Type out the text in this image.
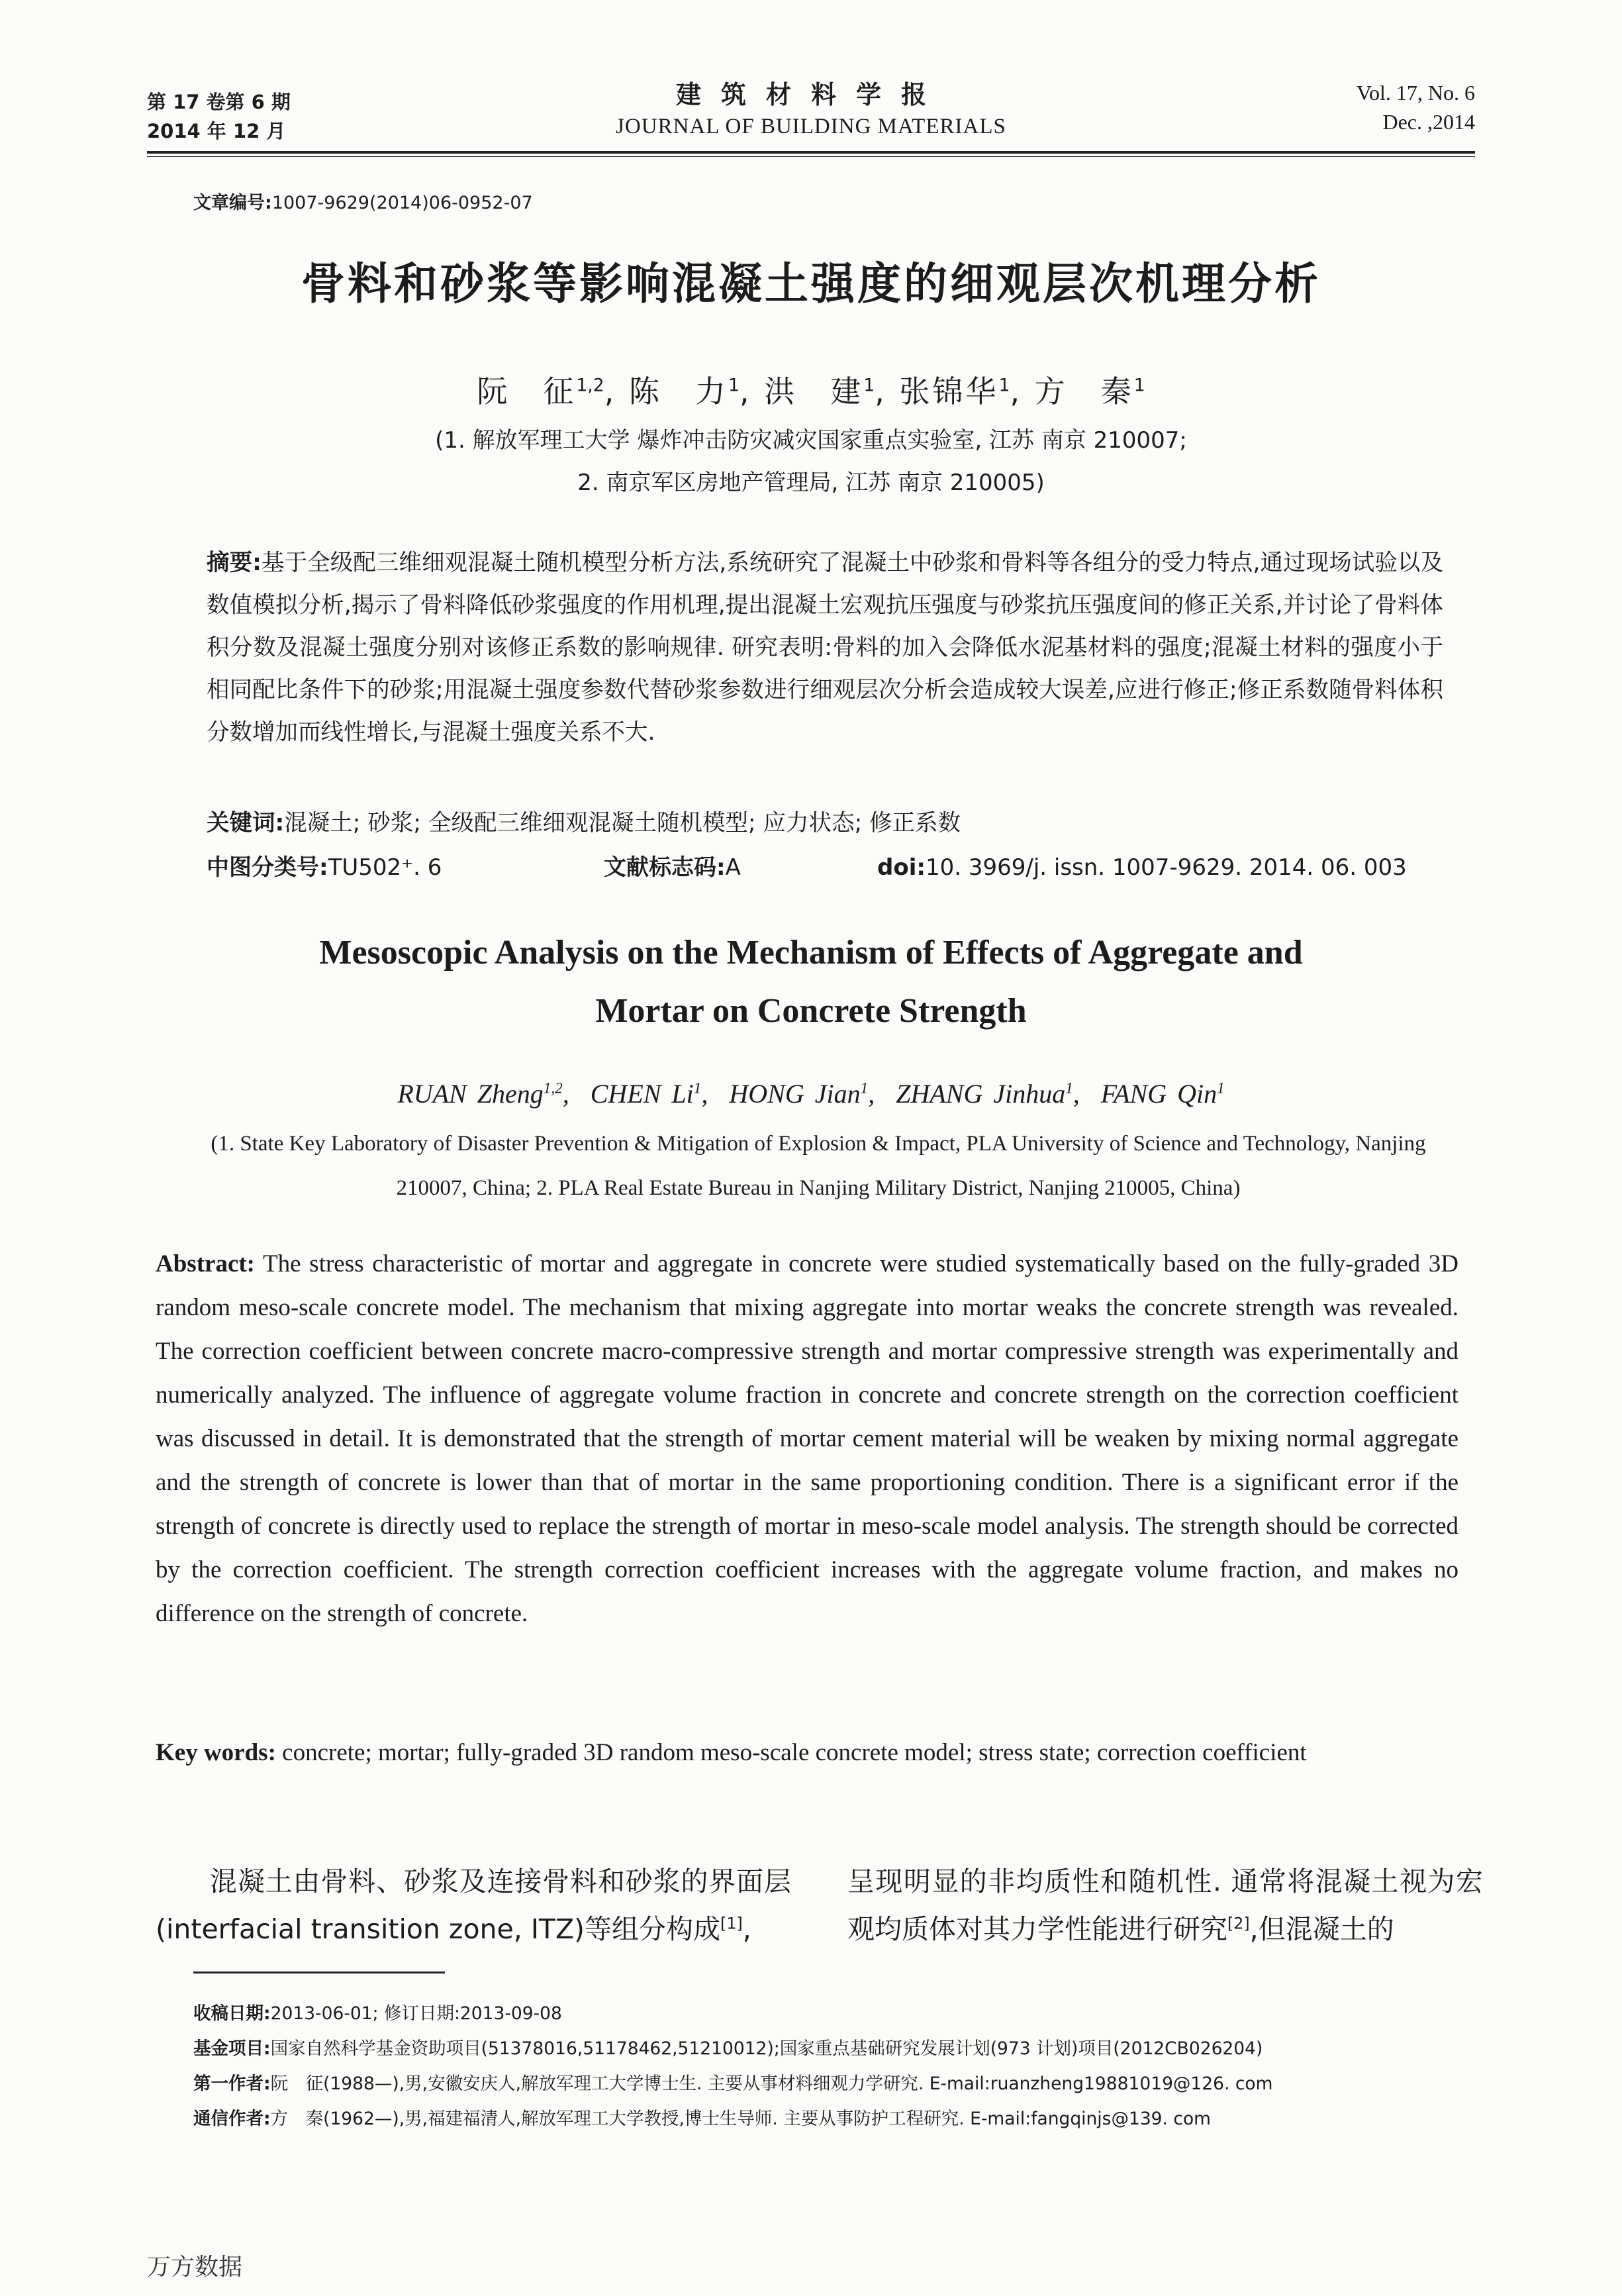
第 17 卷第 6 期
2014 年 12 月
建筑材料学报
JOURNAL OF BUILDING MATERIALS
Vol. 17, No. 6
Dec. ,2014
文章编号:1007-9629(2014)06-0952-07
骨料和砂浆等影响混凝土强度的细观层次机理分析
阮　征$^{1,2}$, 陈　力$^1$, 洪　建$^1$, 张锦华$^1$, 方　秦$^1$
(1. 解放军理工大学 爆炸冲击防灾减灾国家重点实验室, 江苏 南京 210007;
2. 南京军区房地产管理局, 江苏 南京 210005)
摘要:基于全级配三维细观混凝土随机模型分析方法,系统研究了混凝土中砂浆和骨料等各组分的受力特点,通过现场试验以及数值模拟分析,揭示了骨料降低砂浆强度的作用机理,提出混凝土宏观抗压强度与砂浆抗压强度间的修正关系,并讨论了骨料体积分数及混凝土强度分别对该修正系数的影响规律. 研究表明:骨料的加入会降低水泥基材料的强度;混凝土材料的强度小于相同配比条件下的砂浆;用混凝土强度参数代替砂浆参数进行细观层次分析会造成较大误差,应进行修正;修正系数随骨料体积分数增加而线性增长,与混凝土强度关系不大.
关键词:混凝土; 砂浆; 全级配三维细观混凝土随机模型; 应力状态; 修正系数
中图分类号:TU502⁺. 6	文献标志码:A	doi:10. 3969/j. issn. 1007-9629. 2014. 06. 003
Mesoscopic Analysis on the Mechanism of Effects of Aggregate and
Mortar on Concrete Strength
RUAN Zheng$^{1,2}$,  CHEN Li$^1$,  HONG Jian$^1$,  ZHANG Jinhua$^1$,  FANG Qin$^1$
(1. State Key Laboratory of Disaster Prevention & Mitigation of Explosion & Impact, PLA University of Science and Technology, Nanjing 210007, China; 2. PLA Real Estate Bureau in Nanjing Military District, Nanjing 210005, China)
Abstract: The stress characteristic of mortar and aggregate in concrete were studied systematically based on the fully-graded 3D random meso-scale concrete model. The mechanism that mixing aggregate into mortar weaks the concrete strength was revealed. The correction coefficient between concrete macro-compressive strength and mortar compressive strength was experimentally and numerically analyzed. The influence of aggregate volume fraction in concrete and concrete strength on the correction coefficient was discussed in detail. It is demonstrated that the strength of mortar cement material will be weaken by mixing normal aggregate and the strength of concrete is lower than that of mortar in the same proportioning condition. There is a significant error if the strength of concrete is directly used to replace the strength of mortar in meso-scale model analysis. The strength should be corrected by the correction coefficient. The strength correction coefficient increases with the aggregate volume fraction, and makes no difference on the strength of concrete.
Key words: concrete; mortar; fully-graded 3D random meso-scale concrete model; stress state; correction coefficient
混凝土由骨料、砂浆及连接骨料和砂浆的界面层(interfacial transition zone, ITZ)等组分构成[1],
呈现明显的非均质性和随机性. 通常将混凝土视为宏观均质体对其力学性能进行研究[2],但混凝土的
收稿日期:2013-06-01; 修订日期:2013-09-08
基金项目:国家自然科学基金资助项目(51378016,51178462,51210012);国家重点基础研究发展计划(973 计划)项目(2012CB026204)
第一作者:阮　征(1988—),男,安徽安庆人,解放军理工大学博士生. 主要从事材料细观力学研究. E-mail:ruanzheng19881019@126. com
通信作者:方　秦(1962—),男,福建福清人,解放军理工大学教授,博士生导师. 主要从事防护工程研究. E-mail:fangqinjs@139. com
万方数据
